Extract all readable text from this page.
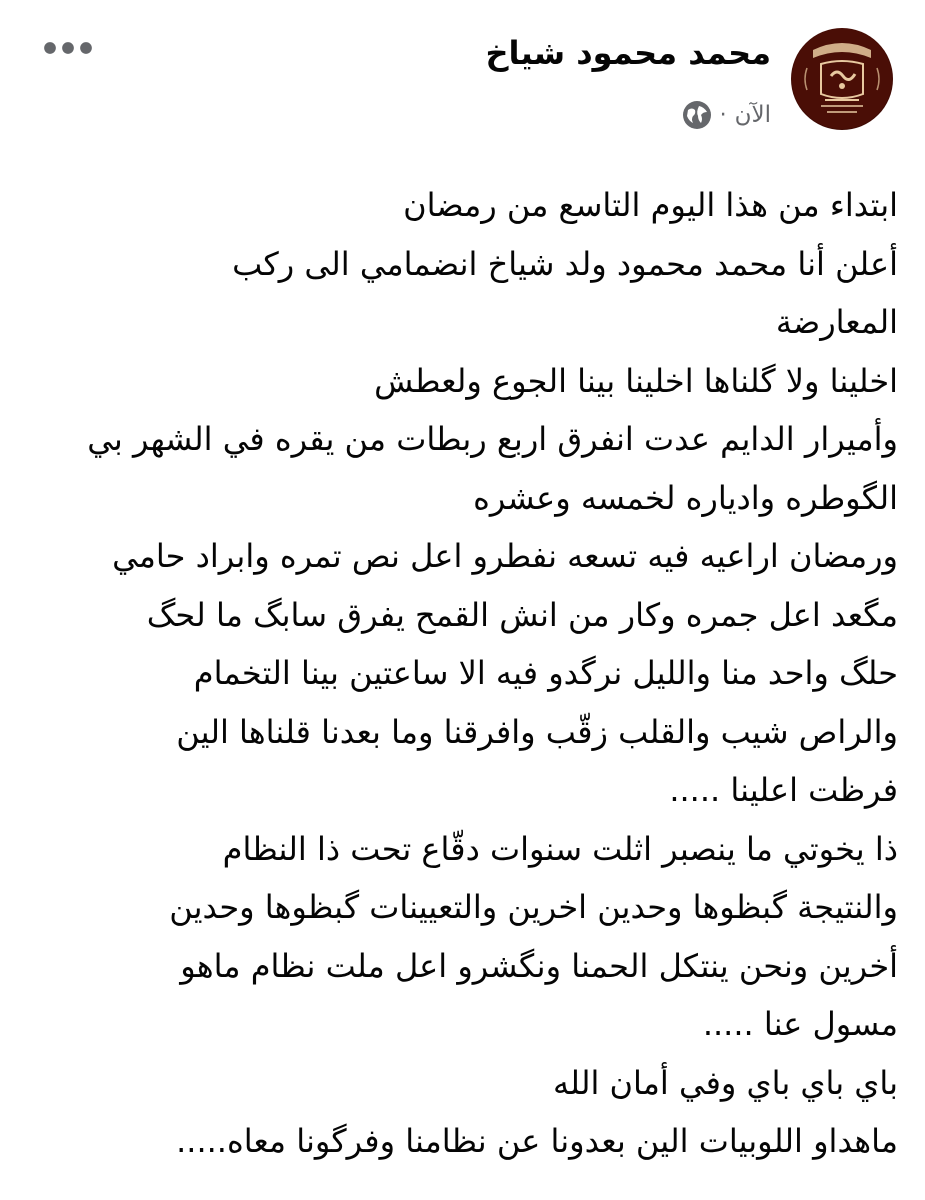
محمد محمود شياخ
الآن
·
ابتداء من هذا اليوم التاسع من رمضان
أعلن أنا محمد محمود ولد شياخ انضمامي الى ركب
المعارضة
اخلينا ولا گلناها اخلينا بينا الجوع ولعطش
وأميرار الدايم عدت انفرق اربع ربطات من يقره في الشهر بي
الگوطره وادياره لخمسه وعشره
ورمضان اراعيه فيه تسعه نفطرو اعل نص تمره وابراد حامي
مگعد اعل جمره وكار من انش القمح يفرق سابگ ما لحگ
حلگ واحد منا والليل نرگدو فيه الا ساعتين بينا التخمام
والراص شيب والقلب زقّب وافرقنا وما بعدنا قلناها الين
فرظت اعلينا .....
ذا يخوتي ما ينصبر اثلت سنوات دقّاع تحت ذا النظام
والنتيجة گبظوها وحدين اخرين والتعيينات گبظوها وحدين
أخرين ونحن ينتكل الحمنا ونگشرو اعل ملت نظام ماهو
مسول عنا .....
باي باي باي وفي أمان الله
ماهداو اللوبيات الين بعدونا عن نظامنا وفرگونا معاه.....
